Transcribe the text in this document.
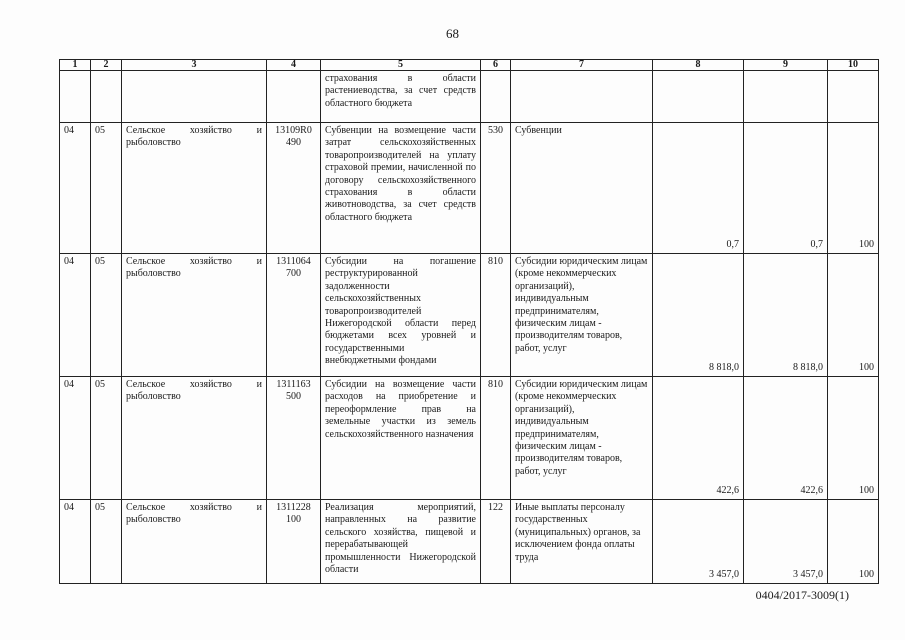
68
1	2	3	4	5	6	7	8	9	10
				страхования в области растениеводства, за счет средств областного бюджета					
04	05	Сельское хозяйство и рыболовство	13109R0 490	Субвенции на возмещение части затрат сельскохозяйственных товаропроизводителей на уплату страховой премии, начисленной по договору сельскохозяйственного страхования в области животноводства, за счет средств областного бюджета	530	Субвенции	0,7	0,7	100
04	05	Сельское хозяйство и рыболовство	1311064 700	Субсидии на погашение реструктурированной задолженности сельскохозяйственных товаропроизводителей Нижегородской области перед бюджетами всех уровней и государственными внебюджетными фондами	810	Субсидии юридическим лицам (кроме некоммерческих организаций), индивидуальным предпринимателям, физическим лицам - производителям товаров, работ, услуг	8 818,0	8 818,0	100
04	05	Сельское хозяйство и рыболовство	1311163 500	Субсидии на возмещение части расходов на приобретение и переоформление прав на земельные участки из земель сельскохозяйственного назначения	810	Субсидии юридическим лицам (кроме некоммерческих организаций), индивидуальным предпринимателям, физическим лицам - производителям товаров, работ, услуг	422,6	422,6	100
04	05	Сельское хозяйство и рыболовство	1311228 100	Реализация мероприятий, направленных на развитие сельского хозяйства, пищевой и перерабатывающей промышленности Нижегородской области	122	Иные выплаты персоналу государственных (муниципальных) органов, за исключением фонда оплаты труда	3 457,0	3 457,0	100
0404/2017-3009(1)
